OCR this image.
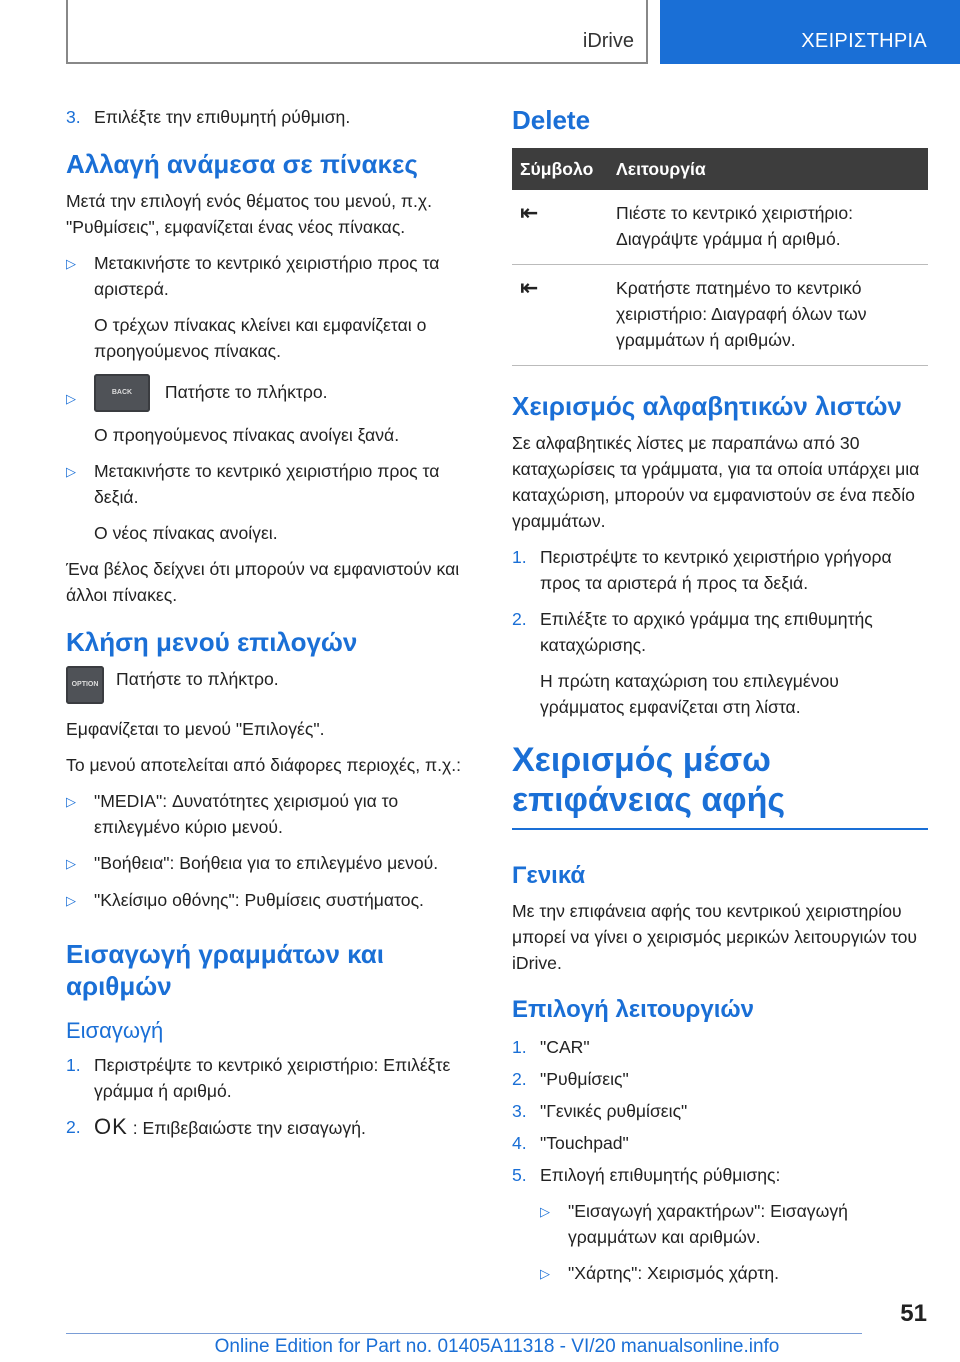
iDrive	ΧΕΙΡΙΣΤΗΡΙΑ
3. Επιλέξτε την επιθυμητή ρύθμιση.
Αλλαγή ανάμεσα σε πίνακες

Μετά την επιλογή ενός θέματος του μενού, π.χ. "Ρυθμίσεις", εμφανίζεται ένας νέος πίνακας.

▷	Μετακινήστε το κεντρικό χειριστήριο προς τα αριστερά.

Ο τρέχων πίνακας κλείνει και εμφανίζεται ο προηγούμενος πίνακας.

▷	BACK Πατήστε το πλήκτρο.

Ο προηγούμενος πίνακας ανοίγει ξανά.

▷	Μετακινήστε το κεντρικό χειριστήριο προς τα δεξιά.

Ο νέος πίνακας ανοίγει.

Ένα βέλος δείχνει ότι μπορούν να εμφανιστούν και άλλοι πίνακες.

Κλήση μενού επιλογών
OPTION Πατήστε το πλήκτρο.

Εμφανίζεται το μενού "Επιλογές".

Το μενού αποτελείται από διάφορες περιοχές, π.χ.:

▷	"MEDIA": Δυνατότητες χειρισμού για το επιλεγμένο κύριο μενού.
▷	"Βοήθεια": Βοήθεια για το επιλεγμένο μενού.
▷	"Κλείσιμο οθόνης": Ρυθμίσεις συστήματος.
Εισαγωγή γραμμάτων και αριθμών
Εισαγωγή
1. Περιστρέψτε το κεντρικό χειριστήριο: Επιλέξτε γράμμα ή αριθμό.
2. OK : Επιβεβαιώστε την εισαγωγή.
Delete
Σύμβολο	Λειτουργία
⇤	Πιέστε το κεντρικό χειριστήριο: Διαγράψτε γράμμα ή αριθμό.
⇤	Κρατήστε πατημένο το κεντρικό χειριστήριο: Διαγραφή όλων των γραμμάτων ή αριθμών.
Χειρισμός αλφαβητικών λιστών

Σε αλφαβητικές λίστες με παραπάνω από 30 καταχωρίσεις τα γράμματα, για τα οποία υπάρχει μια καταχώριση, μπορούν να εμφανιστούν σε ένα πεδίο γραμμάτων.

1. Περιστρέψτε το κεντρικό χειριστήριο γρήγορα προς τα αριστερά ή προς τα δεξιά.
2. Επιλέξτε το αρχικό γράμμα της επιθυμητής καταχώρισης.

Η πρώτη καταχώριση του επιλεγμένου γράμματος εμφανίζεται στη λίστα.

Χειρισμός μέσω επιφάνειας αφής
Γενικά

Με την επιφάνεια αφής του κεντρικού χειριστηρίου μπορεί να γίνει ο χειρισμός μερικών λειτουργιών του iDrive.

Επιλογή λειτουργιών
1. "CAR"
2. "Ρυθμίσεις"
3. "Γενικές ρυθμίσεις"
4. "Touchpad"
5. Επιλογή επιθυμητής ρύθμισης:
▷	"Εισαγωγή χαρακτήρων": Εισαγωγή γραμμάτων και αριθμών.
▷	"Χάρτης": Χειρισμός χάρτη.
51
Online Edition for Part no. 01405A11318 - VI/20 manualsonline.info
